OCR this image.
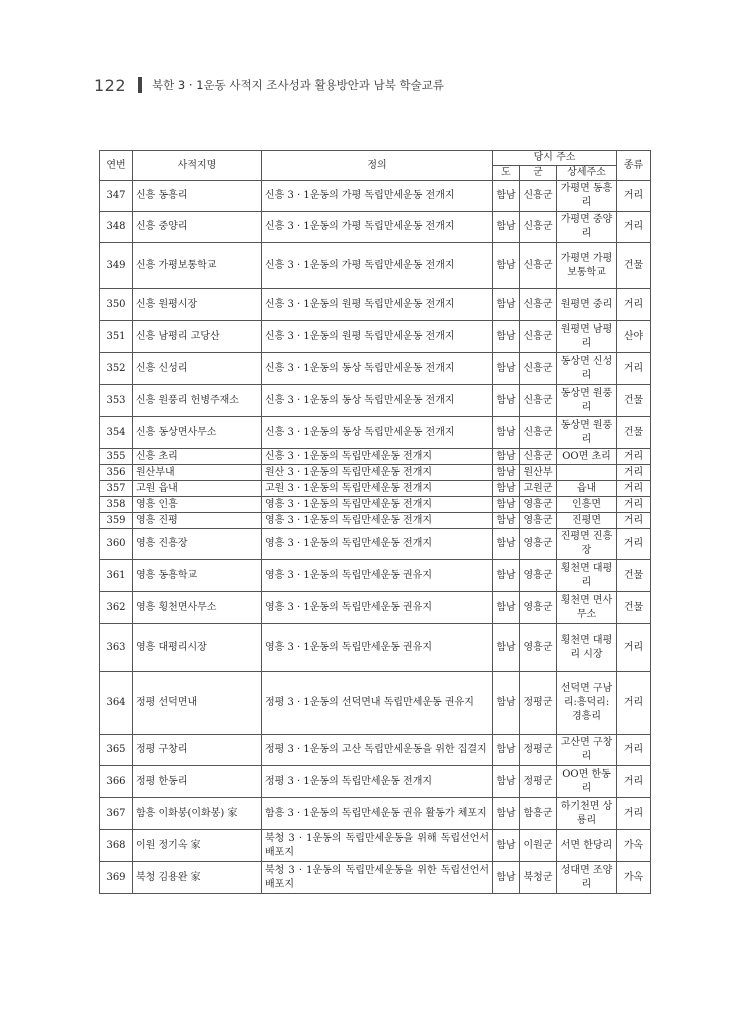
122 북한 3 · 1운동 사적지 조사성과 활용방안과 남북 학술교류
연번	사적지명	정의	당시 주소			종류
			도	군	상세주소	
347	신흥 동흥리	신흥 3 · 1운동의 가평 독립만세운동 전개지	함남	신흥군	가평면 동흥리	거리
348	신흥 중양리	신흥 3 · 1운동의 가평 독립만세운동 전개지	함남	신흥군	가평면 중양리	거리
349	신흥 가평보통학교	신흥 3 · 1운동의 가평 독립만세운동 전개지	함남	신흥군	가평면 가평보통학교	건물
350	신흥 원평시장	신흥 3 · 1운동의 원평 독립만세운동 전개지	함남	신흥군	원평면 중리	거리
351	신흥 남평리 고당산	신흥 3 · 1운동의 원평 독립만세운동 전개지	함남	신흥군	원평면 남평리	산야
352	신흥 신성리	신흥 3 · 1운동의 동상 독립만세운동 전개지	함남	신흥군	동상면 신성리	거리
353	신흥 원풍리 헌병주재소	신흥 3 · 1운동의 동상 독립만세운동 전개지	함남	신흥군	동상면 원풍리	건물
354	신흥 동상면사무소	신흥 3 · 1운동의 동상 독립만세운동 전개지	함남	신흥군	동상면 원풍리	건물
355	신흥 초리	신흥 3 · 1운동의 독립만세운동 전개지	함남	신흥군	OO면 초리	거리
356	원산부내	원산 3 · 1운동의 독립만세운동 전개지	함남	원산부		거리
357	고원 읍내	고원 3 · 1운동의 독립만세운동 전개지	함남	고원군	읍내	거리
358	영흥 인흥	영흥 3 · 1운동의 독립만세운동 전개지	함남	영흥군	인흥면	거리
359	영흥 진평	영흥 3 · 1운동의 독립만세운동 전개지	함남	영흥군	진평면	거리
360	영흥 진흥장	영흥 3 · 1운동의 독립만세운동 전개지	함남	영흥군	진평면 진흥장	거리
361	영흥 동흥학교	영흥 3 · 1운동의 독립만세운동 권유지	함남	영흥군	횡천면 대평리	건물
362	영흥 횡천면사무소	영흥 3 · 1운동의 독립만세운동 권유지	함남	영흥군	횡천면 면사무소	건물
363	영흥 대평리시장	영흥 3 · 1운동의 독립만세운동 권유지	함남	영흥군	횡천면 대평리 시장	거리
364	정평 선덕면내	정평 3 · 1운동의 선덕면내 독립만세운동 권유지	함남	정평군	선덕면 구남리:흥덕리:경흥리	거리
365	정평 구창리	정평 3 · 1운동의 고산 독립만세운동을 위한 집결지	함남	정평군	고산면 구창리	거리
366	정평 한동리	정평 3 · 1운동의 독립만세운동 전개지	함남	정평군	OO면 한동리	거리
367	함흥 이화봉(이화봉) 家	함흥 3 · 1운동의 독립만세운동 권유 활동가 체포지	함남	함흥군	하기천면 상룡리	거리
368	이원 정기옥 家	북청 3 · 1운동의 독립만세운동을 위해 독립선언서 배포지	함남	이원군	서면 한당리	가옥
369	북청 김용완 家	북청 3 · 1운동의 독립만세운동을 위한 독립선언서 배포지	함남	북청군	성대면 조양리	가옥
